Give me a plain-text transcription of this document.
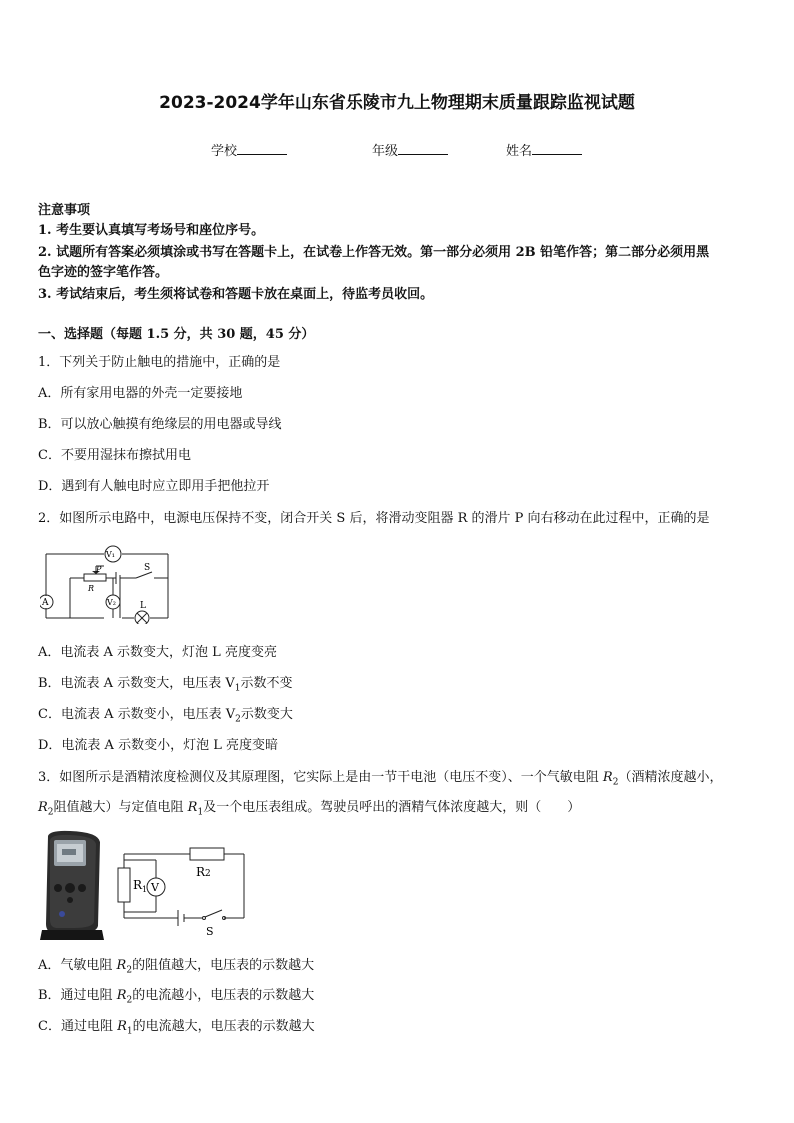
2023-2024学年山东省乐陵市九上物理期末质量跟踪监视试题
学校	年级	姓名
注意事项
1. 考生要认真填写考场号和座位序号。
2. 试题所有答案必须填涂或书写在答题卡上，在试卷上作答无效。第一部分必须用 2B 铅笔作答；第二部分必须用黑
色字迹的签字笔作答。
3. 考试结束后，考生须将试卷和答题卡放在桌面上，待监考员收回。
一、选择题（每题 1.5 分，共 30 题，45 分）
1．下列关于防止触电的措施中，正确的是
A．所有家用电器的外壳一定要接地
B．可以放心触摸有绝缘层的用电器或导线
C．不要用湿抹布擦拭用电
D．遇到有人触电时应立即用手把他拉开
2．如图所示电路中，电源电压保持不变，闭合开关 S 后，将滑动变阻器 R 的滑片 P 向右移动在此过程中，正确的是
V₁
A	V₂
P
R
S
L
A．电流表 A 示数变大，灯泡 L 亮度变亮
B．电流表 A 示数变大，电压表 $V_1$示数不变
C．电流表 A 示数变小，电压表 $V_2$示数变大
D．电流表 A 示数变小，灯泡 L 亮度变暗
3．如图所示是酒精浓度检测仪及其原理图，它实际上是由一节干电池（电压不变）、一个气敏电阻 $R_2$（酒精浓度越小，
$R_2$阻值越大）与定值电阻 $R_1$及一个电压表组成。驾驶员呼出的酒精气体浓度越大，则（　　）
$R_1$
R2
V
S
A．气敏电阻 $R_2$的阻值越大，电压表的示数越大
B．通过电阻 $R_2$的电流越小，电压表的示数越大
C．通过电阻 $R_1$的电流越大，电压表的示数越大
